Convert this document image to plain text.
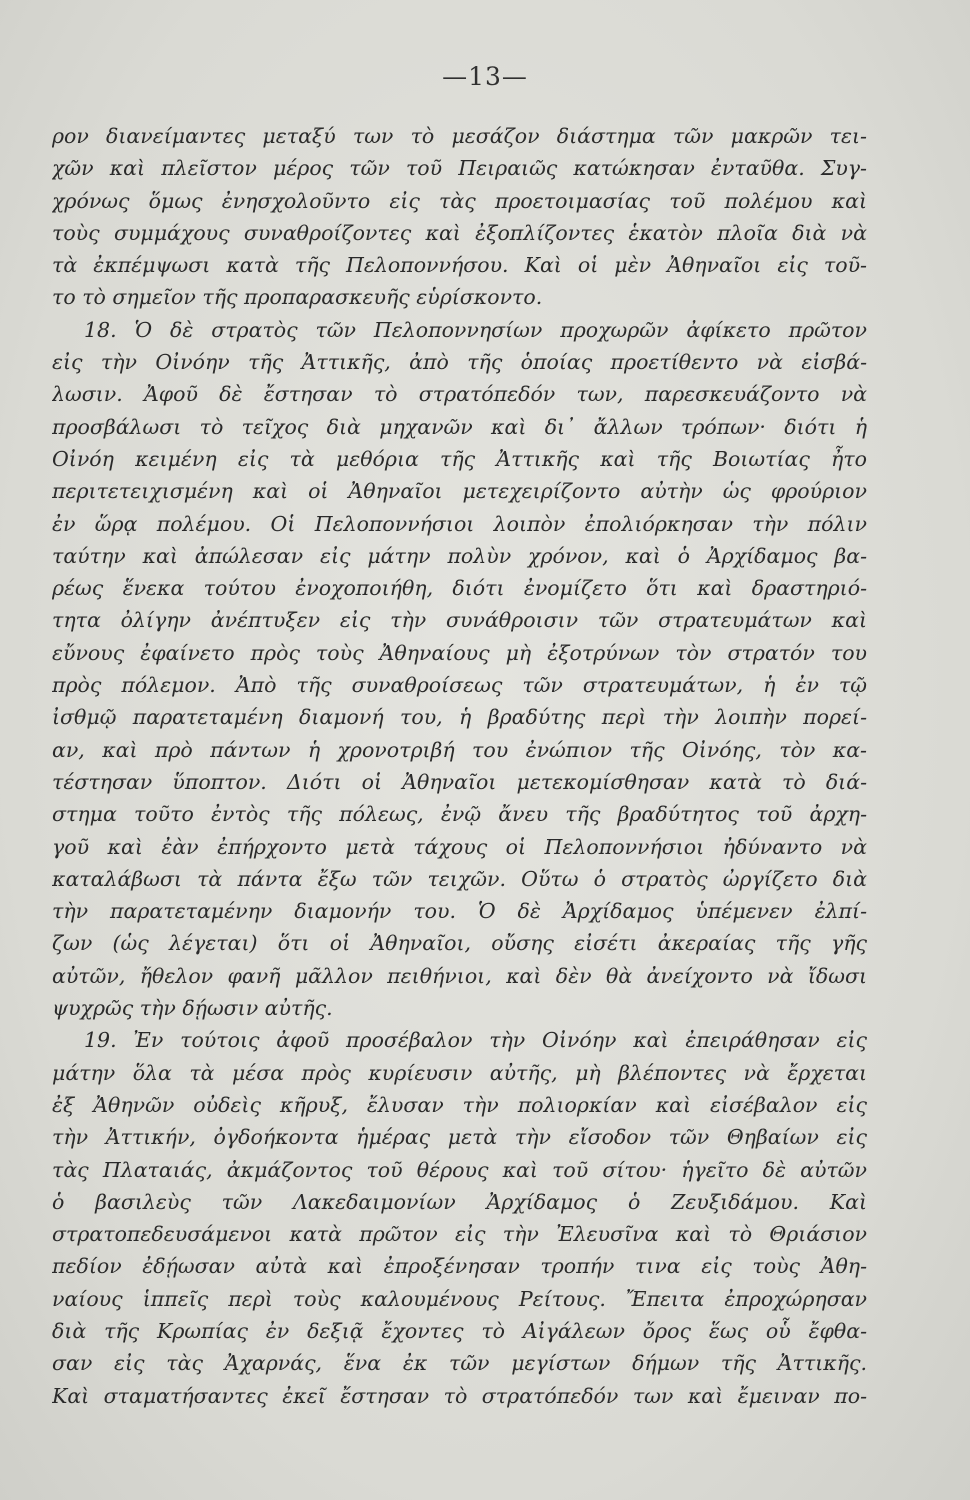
—13—
ρον διανείμαντες μεταξύ των τὸ μεσάζον διάστημα τῶν μακρῶν τει-
χῶν καὶ πλεῖστον μέρος τῶν τοῦ Πειραιῶς κατώκησαν ἐνταῦθα. Συγ-
χρόνως ὅμως ἐνησχολοῦντο εἰς τὰς προετοιμασίας τοῦ πολέμου καὶ
τοὺς συμμάχους συναθροίζοντες καὶ ἐξοπλίζοντες ἑκατὸν πλοῖα διὰ νὰ
τὰ ἐκπέμψωσι κατὰ τῆς Πελοποννήσου. Καὶ οἱ μὲν Ἀθηναῖοι εἰς τοῦ-
το τὸ σημεῖον τῆς προπαρασκευῆς εὑρίσκοντο.
18. Ὁ δὲ στρατὸς τῶν Πελοποννησίων προχωρῶν ἀφίκετο πρῶτον
εἰς τὴν Οἰνόην τῆς Ἀττικῆς, ἀπὸ τῆς ὁποίας προετίθεντο νὰ εἰσβά-
λωσιν. Ἀφοῦ δὲ ἔστησαν τὸ στρατόπεδόν των, παρεσκευάζοντο νὰ
προσβάλωσι τὸ τεῖχος διὰ μηχανῶν καὶ δι᾽ ἄλλων τρόπων· διότι ἡ
Οἰνόη κειμένη εἰς τὰ μεθόρια τῆς Ἀττικῆς καὶ τῆς Βοιωτίας ἦτο
περιτετειχισμένη καὶ οἱ Ἀθηναῖοι μετεχειρίζοντο αὐτὴν ὡς φρούριον
ἐν ὥρᾳ πολέμου. Οἱ Πελοποννήσιοι λοιπὸν ἐπολιόρκησαν τὴν πόλιν
ταύτην καὶ ἀπώλεσαν εἰς μάτην πολὺν χρόνον, καὶ ὁ Ἀρχίδαμος βα-
ρέως ἕνεκα τούτου ἐνοχοποιήθη, διότι ἐνομίζετο ὅτι καὶ δραστηριό-
τητα ὀλίγην ἀνέπτυξεν εἰς τὴν συνάθροισιν τῶν στρατευμάτων καὶ
εὔνους ἐφαίνετο πρὸς τοὺς Ἀθηναίους μὴ ἐξοτρύνων τὸν στρατόν του
πρὸς πόλεμον. Ἀπὸ τῆς συναθροίσεως τῶν στρατευμάτων, ἡ ἐν τῷ
ἰσθμῷ παρατεταμένη διαμονή του, ἡ βραδύτης περὶ τὴν λοιπὴν πορεί-
αν, καὶ πρὸ πάντων ἡ χρονοτριβή του ἐνώπιον τῆς Οἰνόης, τὸν κα-
τέστησαν ὕποπτον. Διότι οἱ Ἀθηναῖοι μετεκομίσθησαν κατὰ τὸ διά-
στημα τοῦτο ἐντὸς τῆς πόλεως, ἐνῷ ἄνευ τῆς βραδύτητος τοῦ ἀρχη-
γοῦ καὶ ἐὰν ἐπήρχοντο μετὰ τάχους οἱ Πελοποννήσιοι ἠδύναντο νὰ
καταλάβωσι τὰ πάντα ἔξω τῶν τειχῶν. Οὕτω ὁ στρατὸς ὠργίζετο διὰ
τὴν παρατεταμένην διαμονήν του. Ὁ δὲ Ἀρχίδαμος ὑπέμενεν ἐλπί-
ζων (ὡς λέγεται) ὅτι οἱ Ἀθηναῖοι, οὔσης εἰσέτι ἀκεραίας τῆς γῆς
αὐτῶν, ἤθελον φανῆ μᾶλλον πειθήνιοι, καὶ δὲν θὰ ἀνείχοντο νὰ ἴδωσι
ψυχρῶς τὴν δῄωσιν αὐτῆς.
19. Ἐν τούτοις ἀφοῦ προσέβαλον τὴν Οἰνόην καὶ ἐπειράθησαν εἰς
μάτην ὅλα τὰ μέσα πρὸς κυρίευσιν αὐτῆς, μὴ βλέποντες νὰ ἔρχεται
ἐξ Ἀθηνῶν οὐδεὶς κῆρυξ, ἔλυσαν τὴν πολιορκίαν καὶ εἰσέβαλον εἰς
τὴν Ἀττικήν, ὀγδοήκοντα ἡμέρας μετὰ τὴν εἴσοδον τῶν Θηβαίων εἰς
τὰς Πλαταιάς, ἀκμάζοντος τοῦ θέρους καὶ τοῦ σίτου· ἡγεῖτο δὲ αὐτῶν
ὁ βασιλεὺς τῶν Λακεδαιμονίων Ἀρχίδαμος ὁ Ζευξιδάμου. Καὶ
στρατοπεδευσάμενοι κατὰ πρῶτον εἰς τὴν Ἐλευσῖνα καὶ τὸ Θριάσιον
πεδίον ἐδῄωσαν αὐτὰ καὶ ἐπροξένησαν τροπήν τινα εἰς τοὺς Ἀθη-
ναίους ἱππεῖς περὶ τοὺς καλουμένους Ρείτους. Ἔπειτα ἐπροχώρησαν
διὰ τῆς Κρωπίας ἐν δεξιᾷ ἔχοντες τὸ Αἰγάλεων ὄρος ἕως οὗ ἔφθα-
σαν εἰς τὰς Ἀχαρνάς, ἕνα ἐκ τῶν μεγίστων δήμων τῆς Ἀττικῆς.
Καὶ σταματήσαντες ἐκεῖ ἔστησαν τὸ στρατόπεδόν των καὶ ἔμειναν πο-
